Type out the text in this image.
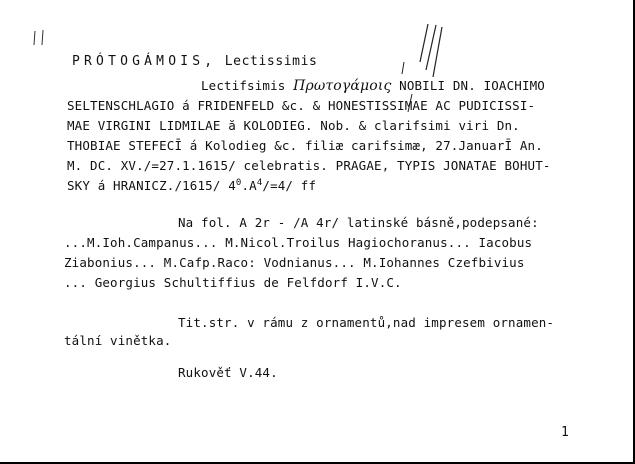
PRÓTOGÁMOIS, Lectissimis
Lectifsimis Πρωτογάμοις NOBILI DN. IOACHIMO
SELTENSCHLAGIO á FRIDENFELD &c. & HONESTISSIMAE AC PUDICISSI-
MAE VIRGINI LIDMILAE ă KOLODIEG. Nob. & clarifsimi viri Dn.
THOBIAE STEFECĪ á Kolodieg &c. filiæ carifsimæ, 27.JanuarĪ An.
M. DC. XV./=27.1.1615/ celebratis. PRAGAE, TYPIS JONATAE BOHUT-
SKY á HRANICZ./1615/ $4^0.A^4/=4/$ ff
Na fol. A 2r - /A 4r/ latinské básně,podepsané:
...M.Ioh.Campanus... M.Nicol.Troilus Hagiochoranus... Iacobus
Ziabonius... M.Cafp.Raco: Vodnianus... M.Iohannes Czefbivius
... Georgius Schultiffius de Felfdorf I.V.C.
Tit.str. v rámu z ornamentů,nad impresem ornamen-
tální vinětka.
Rukověť V.44.
1
